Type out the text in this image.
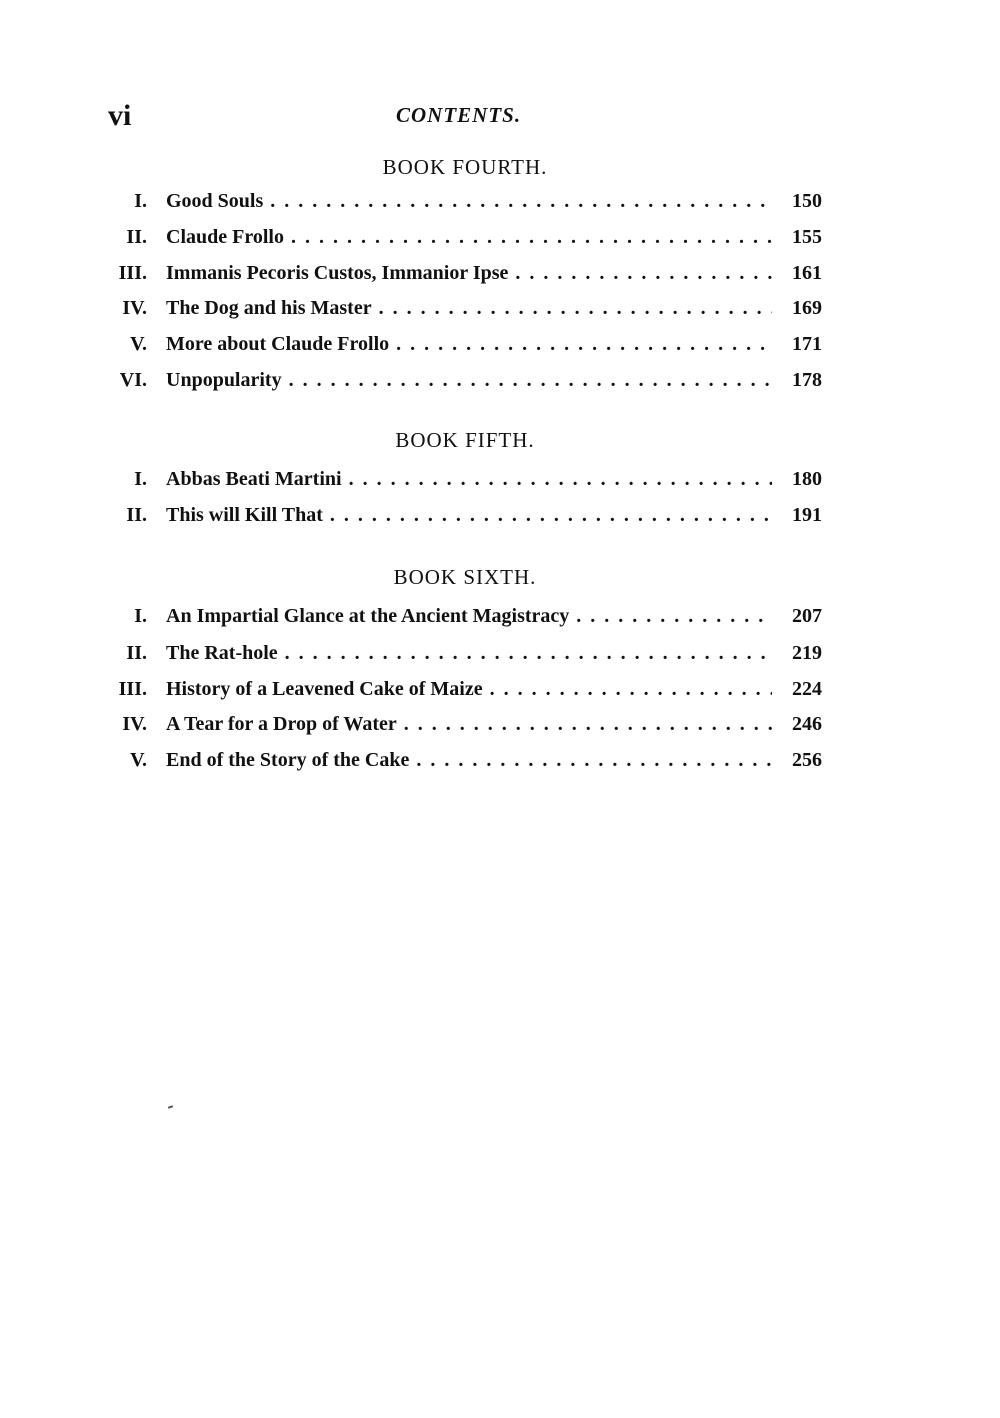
vi	CONTENTS.
BOOK FOURTH.
I. Good Souls . .	150
II. Claude Frollo . .	155
III. Immanis Pecoris Custos, Immanior Ipse . .	161
IV. The Dog and his Master . .	169
V. More about Claude Frollo . .	171
VI. Unpopularity . .	178
BOOK FIFTH.
I. Abbas Beati Martini . .	180
II. This will Kill That . .	191
BOOK SIXTH.
I. An Impartial Glance at the Ancient Magistracy . .	207
II. The Rat-hole . .	219
III. History of a Leavened Cake of Maize . .	224
IV. A Tear for a Drop of Water . .	246
V. End of the Story of the Cake . .	256
